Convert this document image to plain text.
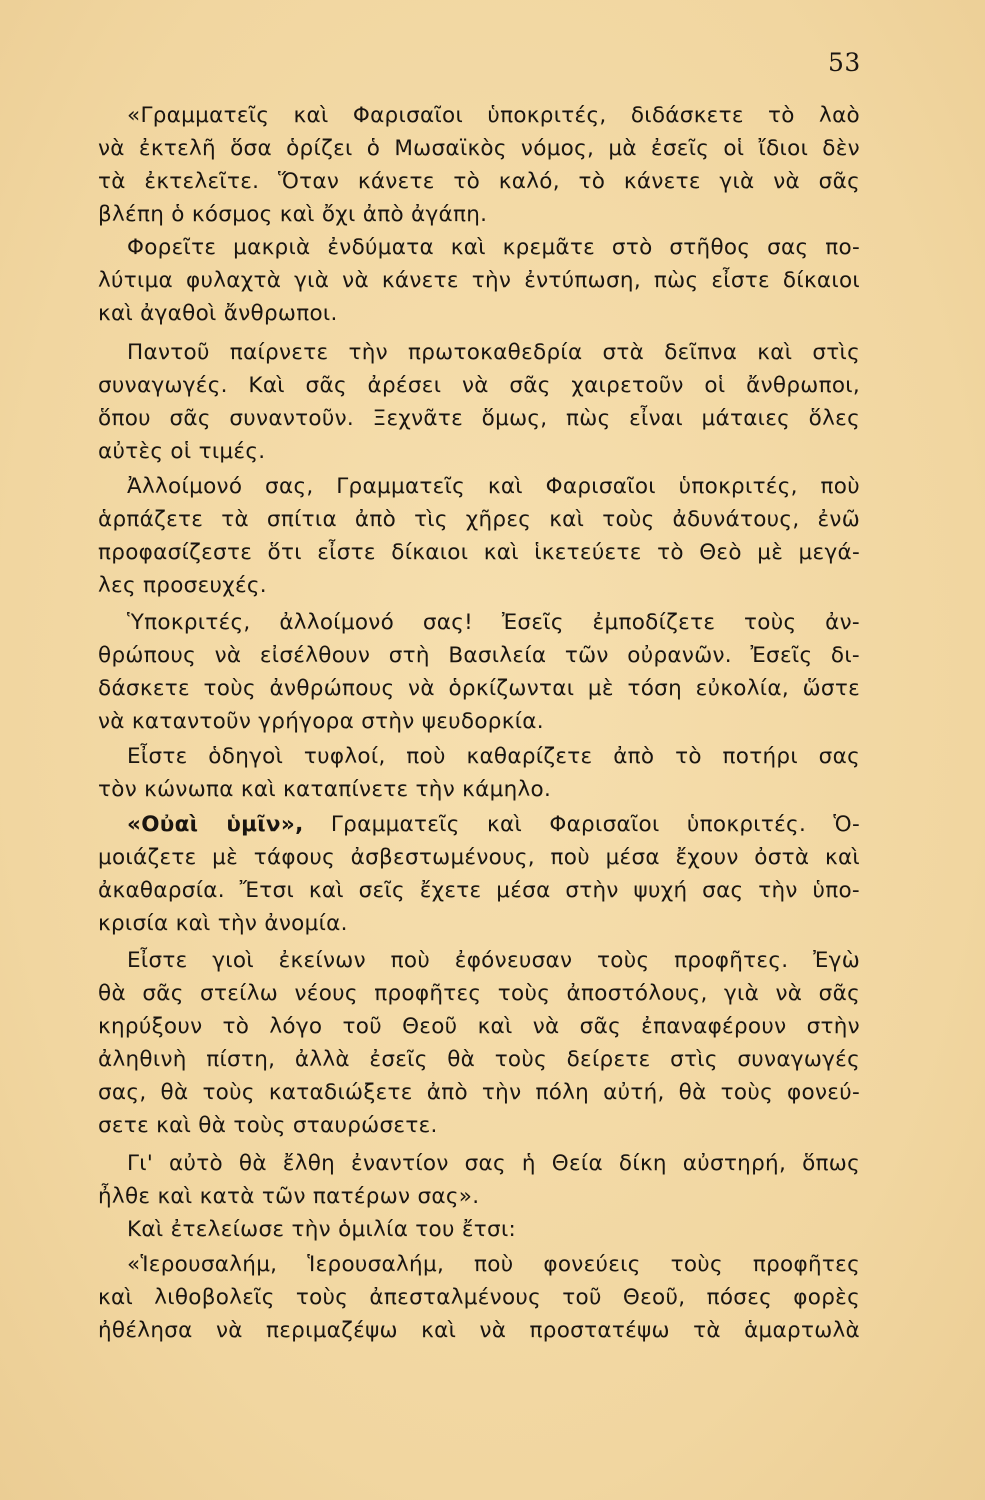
53
«Γραμματεῖς καὶ Φαρισαῖοι ὑποκριτές, διδάσκετε τὸ λαὸ
νὰ ἐκτελῆ ὅσα ὁρίζει ὁ Μωσαϊκὸς νόμος, μὰ ἐσεῖς οἱ ἴδιοι δὲν
τὰ ἐκτελεῖτε. Ὅταν κάνετε τὸ καλό, τὸ κάνετε γιὰ νὰ σᾶς
βλέπη ὁ κόσμος καὶ ὄχι ἀπὸ ἀγάπη.
Φορεῖτε μακριὰ ἐνδύματα καὶ κρεμᾶτε στὸ στῆθος σας πο-
λύτιμα φυλαχτὰ γιὰ νὰ κάνετε τὴν ἐντύπωση, πὼς εἶστε δίκαιοι
καὶ ἀγαθοὶ ἄνθρωποι.
Παντοῦ παίρνετε τὴν πρωτοκαθεδρία στὰ δεῖπνα καὶ στὶς
συναγωγές. Καὶ σᾶς ἀρέσει νὰ σᾶς χαιρετοῦν οἱ ἄνθρωποι,
ὅπου σᾶς συναντοῦν. Ξεχνᾶτε ὅμως, πὼς εἶναι μάταιες ὅλες
αὐτὲς οἱ τιμές.
Ἀλλοίμονό σας, Γραμματεῖς καὶ Φαρισαῖοι ὑποκριτές, ποὺ
ἁρπάζετε τὰ σπίτια ἀπὸ τὶς χῆρες καὶ τοὺς ἀδυνάτους, ἐνῶ
προφασίζεστε ὅτι εἶστε δίκαιοι καὶ ἱκετεύετε τὸ Θεὸ μὲ μεγά-
λες προσευχές.
Ὑποκριτές, ἀλλοίμονό σας! Ἐσεῖς ἐμποδίζετε τοὺς ἀν-
θρώπους νὰ εἰσέλθουν στὴ Βασιλεία τῶν οὐρανῶν. Ἐσεῖς δι-
δάσκετε τοὺς ἀνθρώπους νὰ ὁρκίζωνται μὲ τόση εὐκολία, ὥστε
νὰ καταντοῦν γρήγορα στὴν ψευδορκία.
Εἶστε ὁδηγοὶ τυφλοί, ποὺ καθαρίζετε ἀπὸ τὸ ποτήρι σας
τὸν κώνωπα καὶ καταπίνετε τὴν κάμηλο.
«Οὐαὶ ὑμῖν», Γραμματεῖς καὶ Φαρισαῖοι ὑποκριτές. Ὁ-
μοιάζετε μὲ τάφους ἀσβεστωμένους, ποὺ μέσα ἔχουν ὀστὰ καὶ
ἀκαθαρσία. Ἔτσι καὶ σεῖς ἔχετε μέσα στὴν ψυχή σας τὴν ὑπο-
κρισία καὶ τὴν ἀνομία.
Εἶστε γιοὶ ἐκείνων ποὺ ἐφόνευσαν τοὺς προφῆτες. Ἐγὼ
θὰ σᾶς στείλω νέους προφῆτες τοὺς ἀποστόλους, γιὰ νὰ σᾶς
κηρύξουν τὸ λόγο τοῦ Θεοῦ καὶ νὰ σᾶς ἐπαναφέρουν στὴν
ἀληθινὴ πίστη, ἀλλὰ ἐσεῖς θὰ τοὺς δείρετε στὶς συναγωγές
σας, θὰ τοὺς καταδιώξετε ἀπὸ τὴν πόλη αὐτή, θὰ τοὺς φονεύ-
σετε καὶ θὰ τοὺς σταυρώσετε.
Γι' αὐτὸ θὰ ἔλθη ἐναντίον σας ἡ Θεία δίκη αὐστηρή, ὅπως
ἦλθε καὶ κατὰ τῶν πατέρων σας».
Καὶ ἐτελείωσε τὴν ὁμιλία του ἔτσι:
«Ἱερουσαλήμ, Ἱερουσαλήμ, ποὺ φονεύεις τοὺς προφῆτες
καὶ λιθοβολεῖς τοὺς ἀπεσταλμένους τοῦ Θεοῦ, πόσες φορὲς
ἠθέλησα νὰ περιμαζέψω καὶ νὰ προστατέψω τὰ ἁμαρτωλὰ
